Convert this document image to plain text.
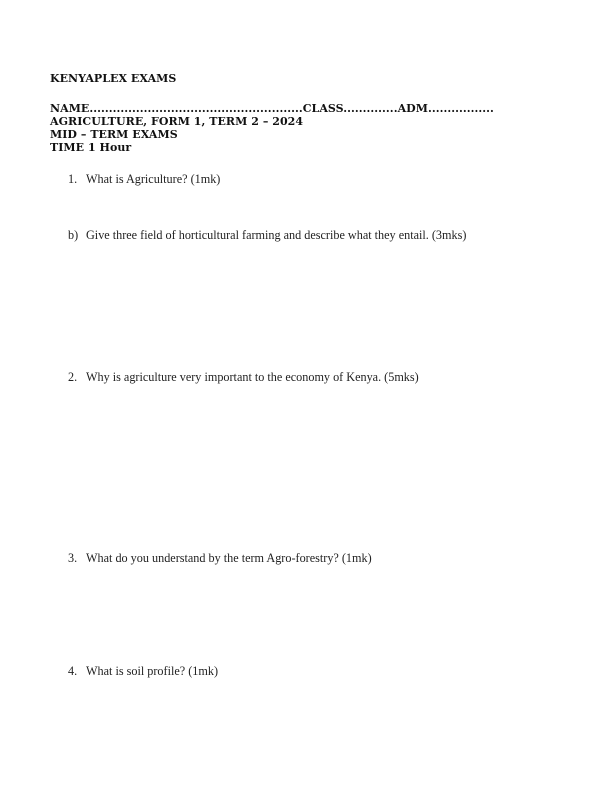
KENYAPLEX EXAMS
NAME.......................................................CLASS..............ADM.................
AGRICULTURE, FORM 1, TERM 2 – 2024
MID – TERM EXAMS
TIME 1 Hour
1. What is Agriculture? (1mk)
b) Give three field of horticultural farming and describe what they entail. (3mks)
2. Why is agriculture very important to the economy of Kenya. (5mks)
3. What do you understand by the term Agro-forestry? (1mk)
4. What is soil profile? (1mk)
